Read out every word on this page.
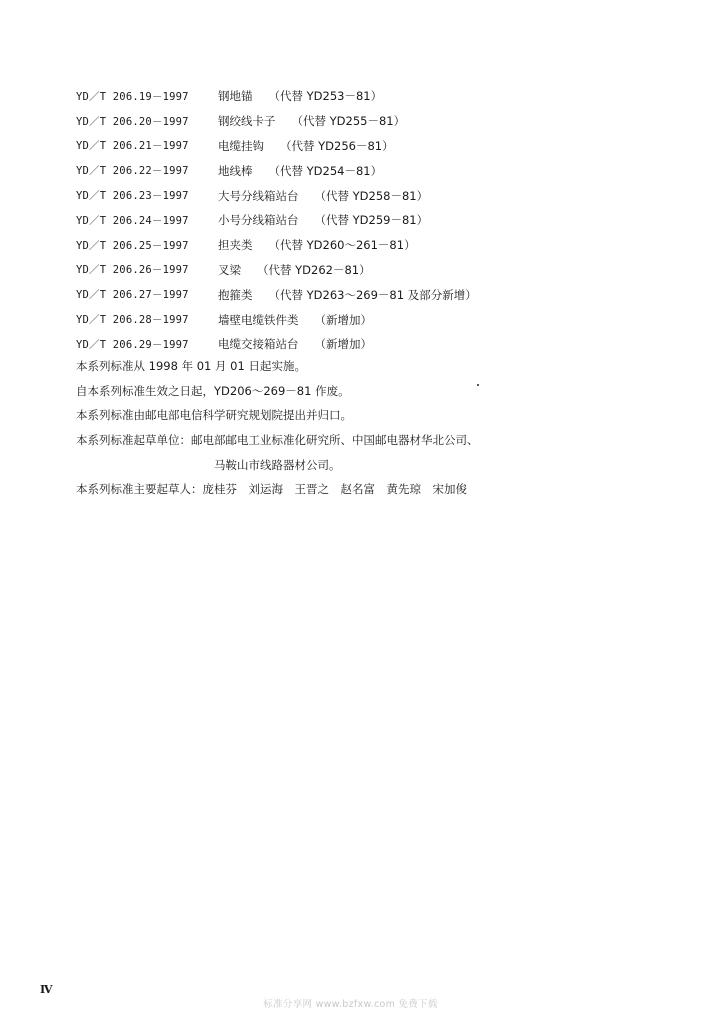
YD／T 206.19－1997	钢地锚	（代替 YD253－81）
YD／T 206.20－1997	钢绞线卡子	（代替 YD255－81）
YD／T 206.21－1997	电缆挂钩	（代替 YD256－81）
YD／T 206.22－1997	地线棒	（代替 YD254－81）
YD／T 206.23－1997	大号分线箱站台	（代替 YD258－81）
YD／T 206.24－1997	小号分线箱站台	（代替 YD259－81）
YD／T 206.25－1997	担夹类	（代替 YD260～261－81）
YD／T 206.26－1997	叉梁	（代替 YD262－81）
YD／T 206.27－1997	抱箍类	（代替 YD263～269－81 及部分新增）
YD／T 206.28－1997	墙壁电缆铁件类	（新增加）
YD／T 206.29－1997	电缆交接箱站台	（新增加）
本系列标准从 1998 年 01 月 01 日起实施。
自本系列标准生效之日起，YD206～269－81 作废。
本系列标准由邮电部电信科学研究规划院提出并归口。
本系列标准起草单位：邮电部邮电工业标准化研究所、中国邮电器材华北公司、
马鞍山市线路器材公司。
本系列标准主要起草人：庞桂芬　刘运海　王晋之　赵名富　黄先琼　宋加俊
Ⅳ
标准分享网 www.bzfxw.com 免费下载
